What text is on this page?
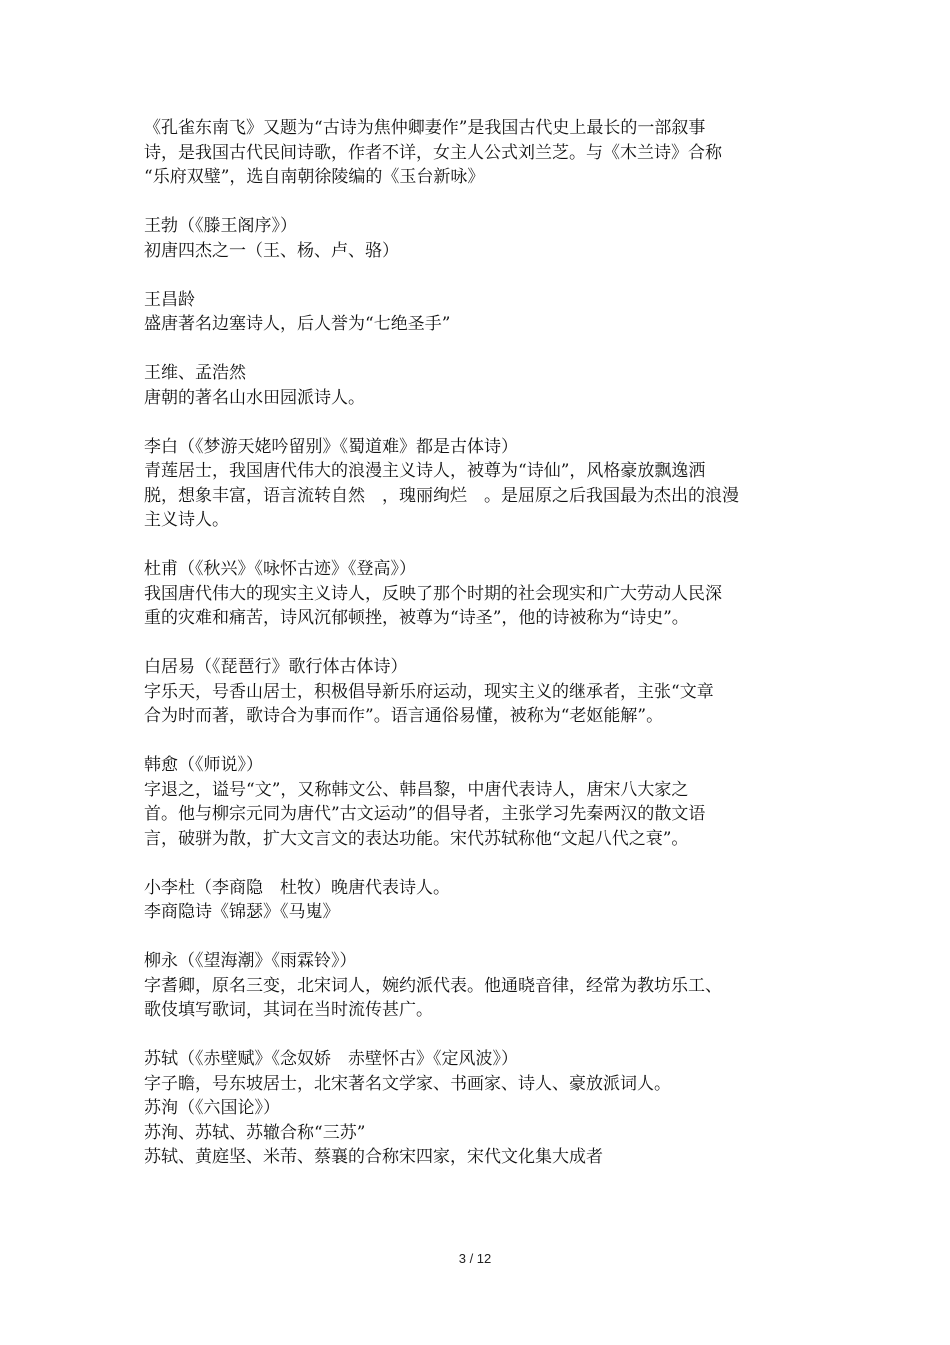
《孔雀东南飞》又题为“古诗为焦仲卿妻作”是我国古代史上最长的一部叙事

诗，是我国古代民间诗歌，作者不详，女主人公式刘兰芝。与《木兰诗》合称

“乐府双璧”，选自南朝徐陵编的《玉台新咏》

王勃（《滕王阁序》）

初唐四杰之一（王、杨、卢、骆）

王昌龄

盛唐著名边塞诗人，后人誉为“七绝圣手”

王维、孟浩然

唐朝的著名山水田园派诗人。

李白（《梦游天姥吟留别》《蜀道难》都是古体诗）

青莲居士，我国唐代伟大的浪漫主义诗人，被尊为“诗仙”，风格豪放飘逸洒

脱，想象丰富，语言流转自然　，瑰丽绚烂　。是屈原之后我国最为杰出的浪漫

主义诗人。

杜甫（《秋兴》《咏怀古迹》《登高》）

我国唐代伟大的现实主义诗人，反映了那个时期的社会现实和广大劳动人民深

重的灾难和痛苦，诗风沉郁顿挫，被尊为“诗圣”，他的诗被称为“诗史”。

白居易（《琵琶行》歌行体古体诗）

字乐天，号香山居士，积极倡导新乐府运动，现实主义的继承者，主张“文章

合为时而著，歌诗合为事而作”。语言通俗易懂，被称为“老妪能解”。

韩愈（《师说》）

字退之，谥号“文”，又称韩文公、韩昌黎，中唐代表诗人，唐宋八大家之

首。他与柳宗元同为唐代”古文运动”的倡导者，主张学习先秦两汉的散文语

言，破骈为散，扩大文言文的表达功能。宋代苏轼称他“文起八代之衰”。

小李杜（李商隐　杜牧）晚唐代表诗人。

李商隐诗《锦瑟》《马嵬》

柳永（《望海潮》《雨霖铃》）

字耆卿，原名三变，北宋词人，婉约派代表。他通晓音律，经常为教坊乐工、

歌伎填写歌词，其词在当时流传甚广。

苏轼（《赤壁赋》《念奴娇　赤壁怀古》《定风波》）

字子瞻，号东坡居士，北宋著名文学家、书画家、诗人、豪放派词人。

苏洵（《六国论》）

苏洵、苏轼、苏辙合称“三苏”

苏轼、黄庭坚、米芾、蔡襄的合称宋四家，宋代文化集大成者

3 / 12
